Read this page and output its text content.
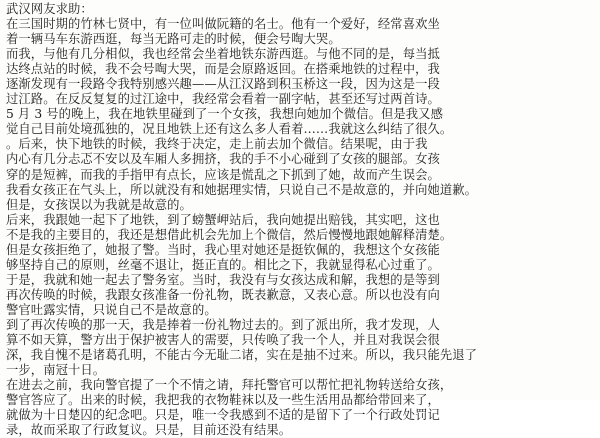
武汉网友求助：
在三国时期的竹林七贤中，有一位叫做阮籍的名士。他有一个爱好，经常喜欢坐
着一辆马车东游西逛，每当无路可走的时候，便会号啕大哭。
而我，与他有几分相似，我也经常会坐着地铁东游西逛。与他不同的是，每当抵
达终点站的时候，我不会号啕大哭，而是会原路返回。在搭乘地铁的过程中，我
逐渐发现有一段路令我特别感兴趣——从江汉路到积玉桥这一段，因为这是一段
过江路。在反反复复的过江途中，我经常会看着一副字帖，甚至还写过两首诗。
5 月 3 号的晚上，我在地铁里碰到了一个女孩，我想向她加个微信。但是我又感
觉自己目前处境孤独的，况且地铁上还有这么多人看着……我就这么纠结了很久。
。后来，快下地铁的时候，我终于决定，走上前去加个微信。结果呢，由于我
内心有几分忐忑不安以及车厢人多拥挤，我的手不小心碰到了女孩的腿部。女孩
穿的是短裤，而我的手指甲有点长，应该是慌乱之下抓到了她，故而产生误会。
我看女孩正在气头上，所以就没有和她据理实情，只说自己不是故意的，并向她道歉。
但是，女孩误以为我就是故意的。
后来，我跟她一起下了地铁，到了螃蟹岬站后，我向她提出赔钱，其实吧，这也
不是我的主要目的，我还是想借此机会先加上个微信，然后慢慢地跟她解释清楚。
但是女孩拒绝了，她报了警。当时，我心里对她还是挺钦佩的，我想这个女孩能
够坚持自己的原则，丝毫不退让，挺正直的。相比之下，我就显得私心过重了。
于是，我就和她一起去了警务室。当时，我没有与女孩达成和解，我想的是等到
再次传唤的时候，我跟女孩准备一份礼物，既表歉意，又表心意。所以也没有向
警官吐露实情，只说自己不是故意的。
到了再次传唤的那一天，我是捧着一份礼物过去的。到了派出所，我才发现，人
算不如天算，警方出于保护被害人的需要，只传唤了我一个人，并且对我误会很
深，我自愧不是诸葛孔明，不能古今无耻二诸，实在是抽不过来。所以，我只能先退了
一步，南冠十日。
在进去之前，我向警官提了一个不情之请，拜托警官可以帮忙把礼物转送给女孩，
警官答应了。出来的时候，我把我的衣物鞋袜以及一些生活用品都给带回来了，
就做为十日楚囚的纪念吧。只是，唯一令我感到不适的是留下了一个行政处罚记
录，故而采取了行政复议。只是，目前还没有结果。
